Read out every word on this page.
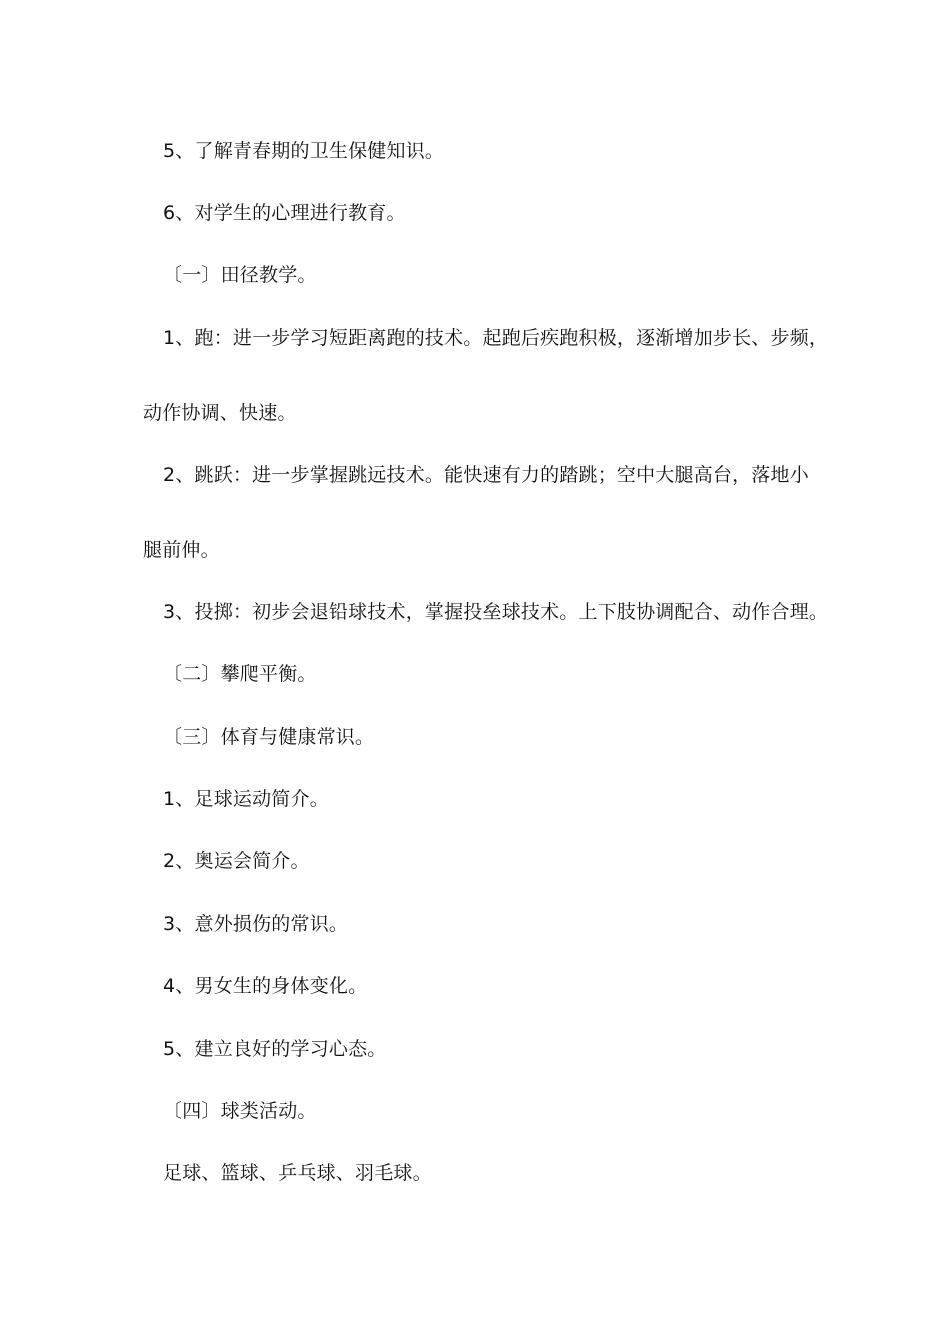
5、了解青春期的卫生保健知识。
6、对学生的心理进行教育。
〔一〕田径教学。
1、跑：进一步学习短距离跑的技术。起跑后疾跑积极，逐渐增加步长、步频，
动作协调、快速。
2、跳跃：进一步掌握跳远技术。能快速有力的踏跳；空中大腿高台，落地小
腿前伸。
3、投掷：初步会退铅球技术，掌握投垒球技术。上下肢协调配合、动作合理。
〔二〕攀爬平衡。
〔三〕体育与健康常识。
1、足球运动简介。
2、奥运会简介。
3、意外损伤的常识。
4、男女生的身体变化。
5、建立良好的学习心态。
〔四〕球类活动。
足球、篮球、乒乓球、羽毛球。
